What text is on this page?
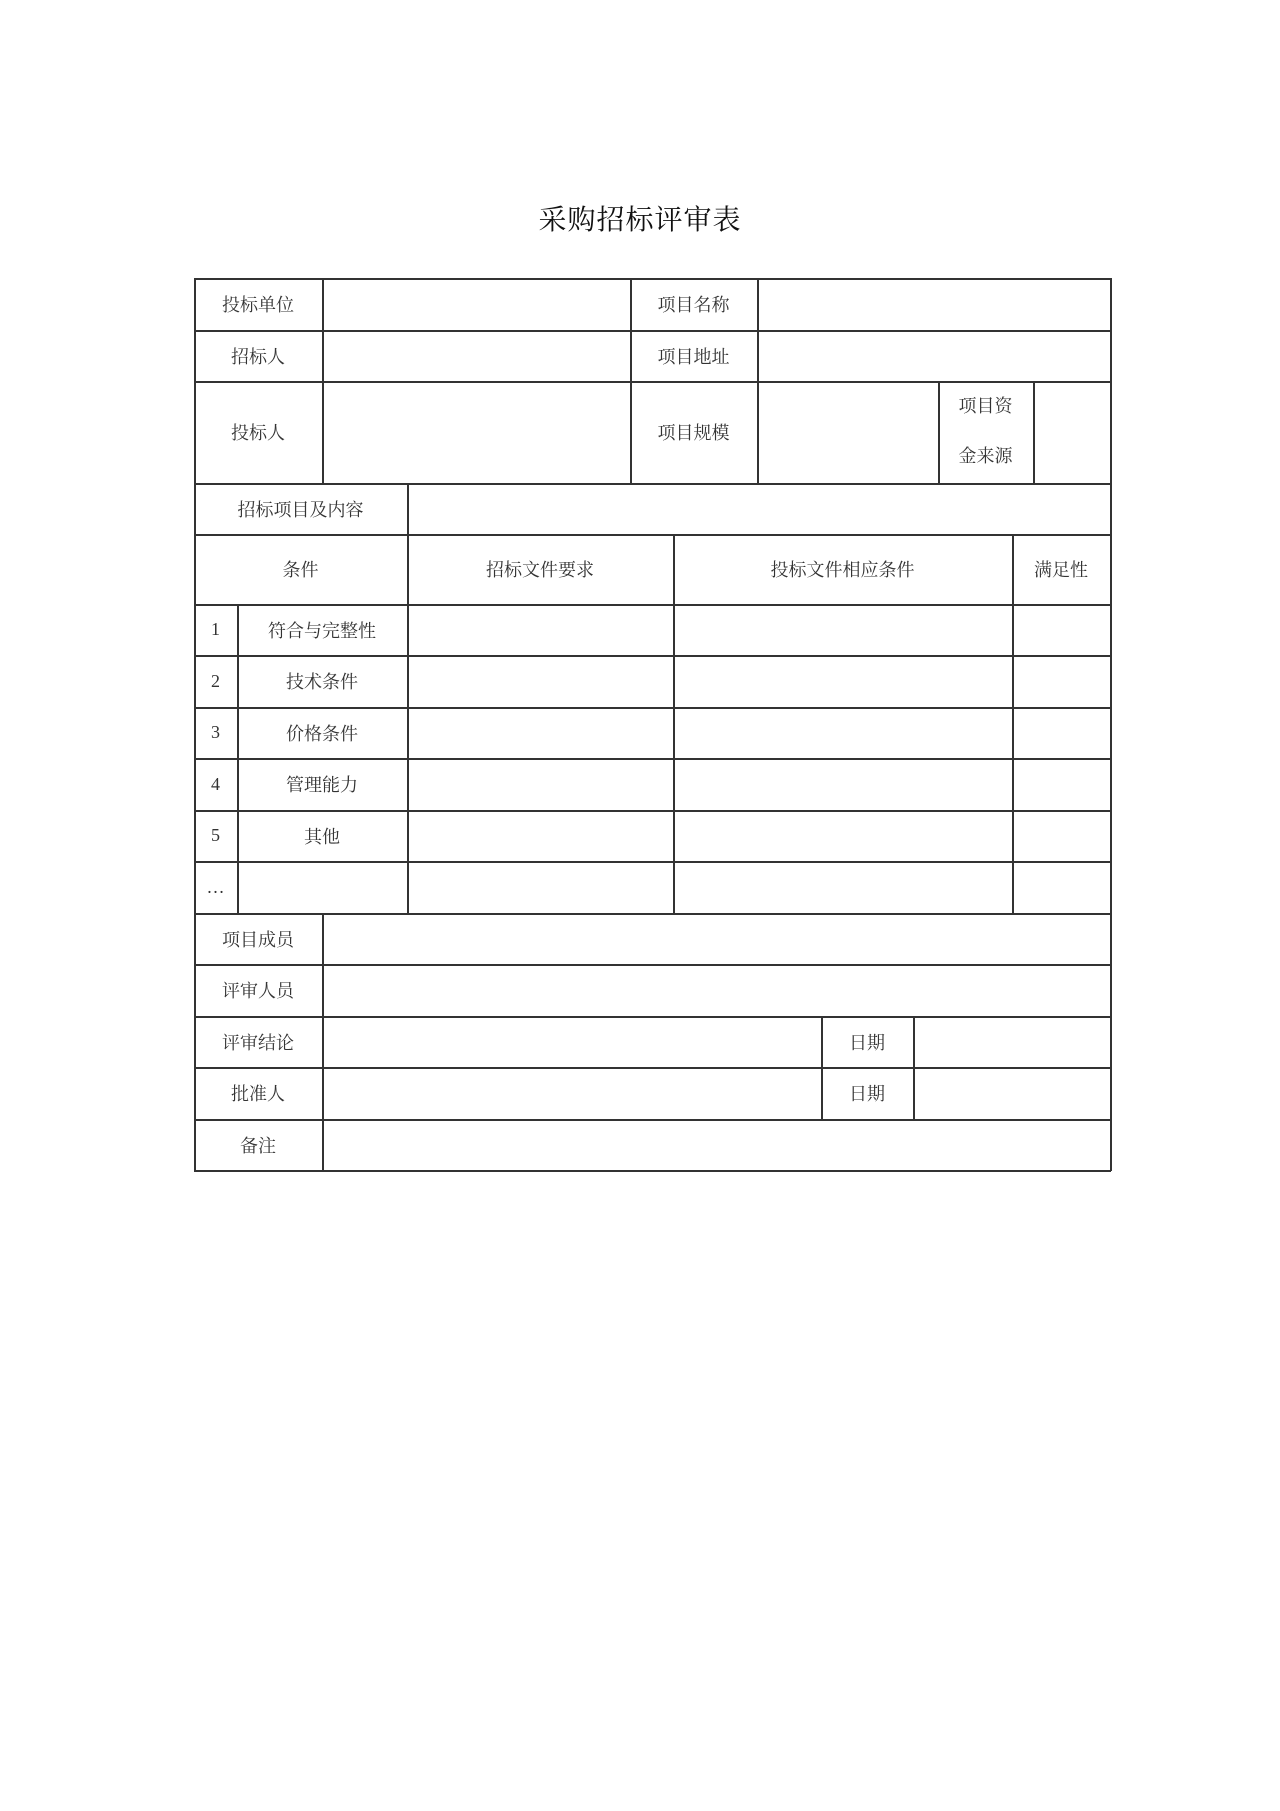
采购招标评审表
投标单位	项目名称
招标人	项目地址
投标人	项目规模
项目资
金来源
招标项目及内容
条件	招标文件要求	投标文件相应条件	满足性
1	符合与完整性
2	技术条件
3	价格条件
4	管理能力
5	其他
…
项目成员
评审人员
评审结论	日期
批准人	日期
备注
